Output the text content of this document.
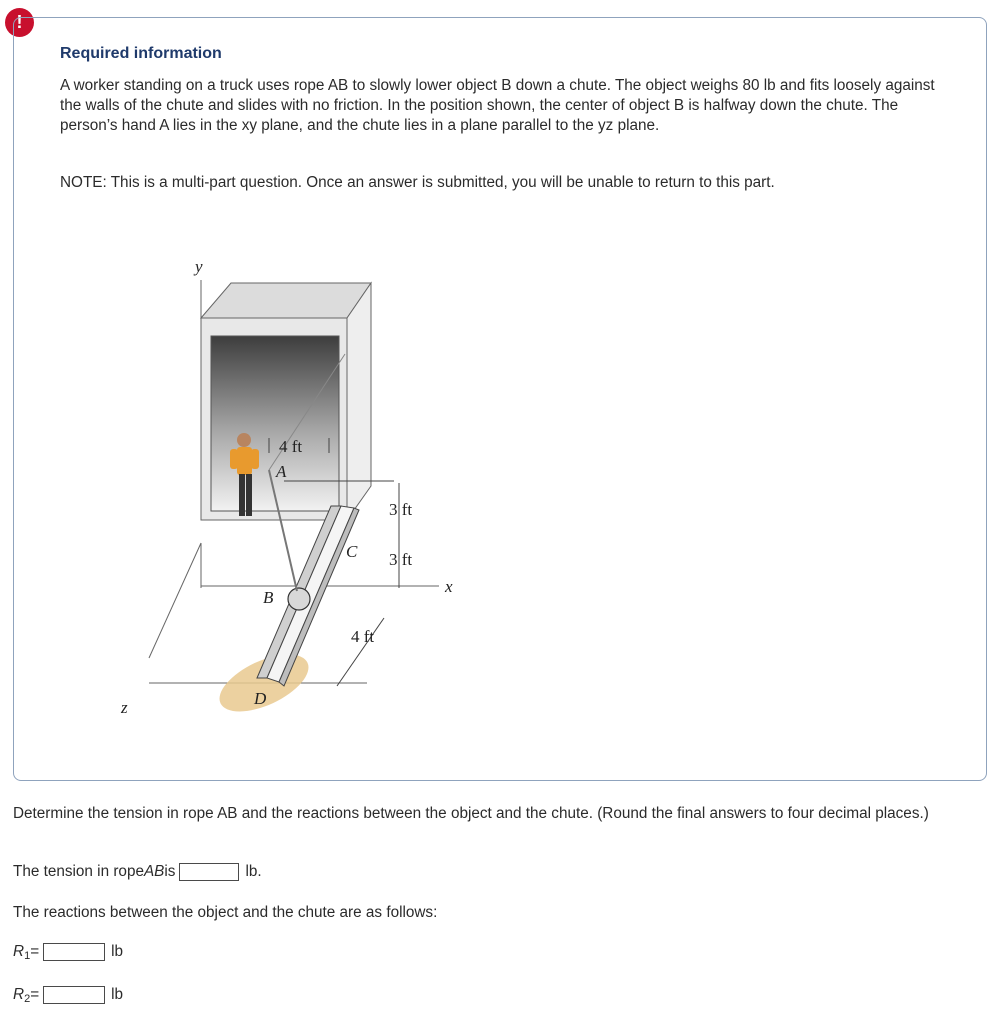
!
Required information
A worker standing on a truck uses rope AB to slowly lower object B down a chute. The object weighs 80 lb and fits loosely against the walls of the chute and slides with no friction. In the position shown, the center of object B is halfway down the chute. The person’s hand A lies in the xy plane, and the chute lies in a plane parallel to the yz plane.
NOTE: This is a multi-part question. Once an answer is submitted, you will be unable to return to this part.
y
z
x
B
C
D
A
4 ft
3 ft
3 ft
4 ft
Determine the tension in rope AB and the reactions between the object and the chute. (Round the final answers to four decimal places.)
The tension in rope AB is	lb.
The reactions between the object and the chute are as follows:
R 1 =	lb
R 2 =	lb
